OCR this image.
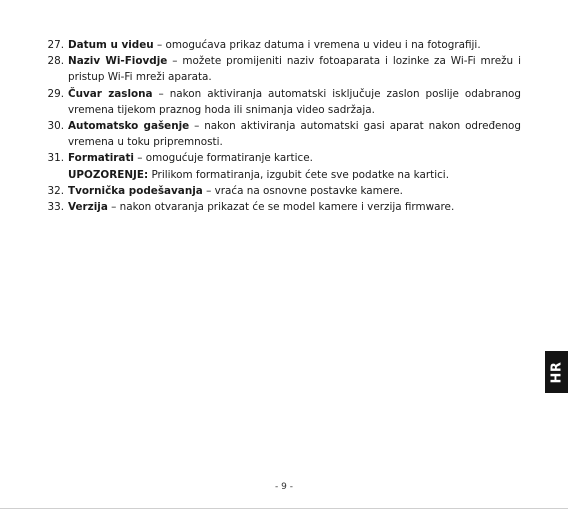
27. Datum u videu – omogućava prikaz datuma i vremena u videu i na fotografiji.
28. Naziv Wi-Fiovdje – možete promijeniti naziv fotoaparata i lozinke za Wi-Fi mrežu i pristup Wi-Fi mreži aparata.
29. Čuvar zaslona – nakon aktiviranja automatski isključuje zaslon poslije odabranog vremena tijekom praznog hoda ili snimanja video sadržaja.
30. Automatsko gašenje – nakon aktiviranja automatski gasi aparat nakon određenog vremena u toku pripremnosti.
31. Formatirati – omogućuje formatiranje kartice.
UPOZORENJE: Prilikom formatiranja, izgubit ćete sve podatke na kartici.
32. Tvornička podešavanja – vraća na osnovne postavke kamere.
33. Verzija – nakon otvaranja prikazat će se model kamere i verzija firmware.
HR
- 9 -
